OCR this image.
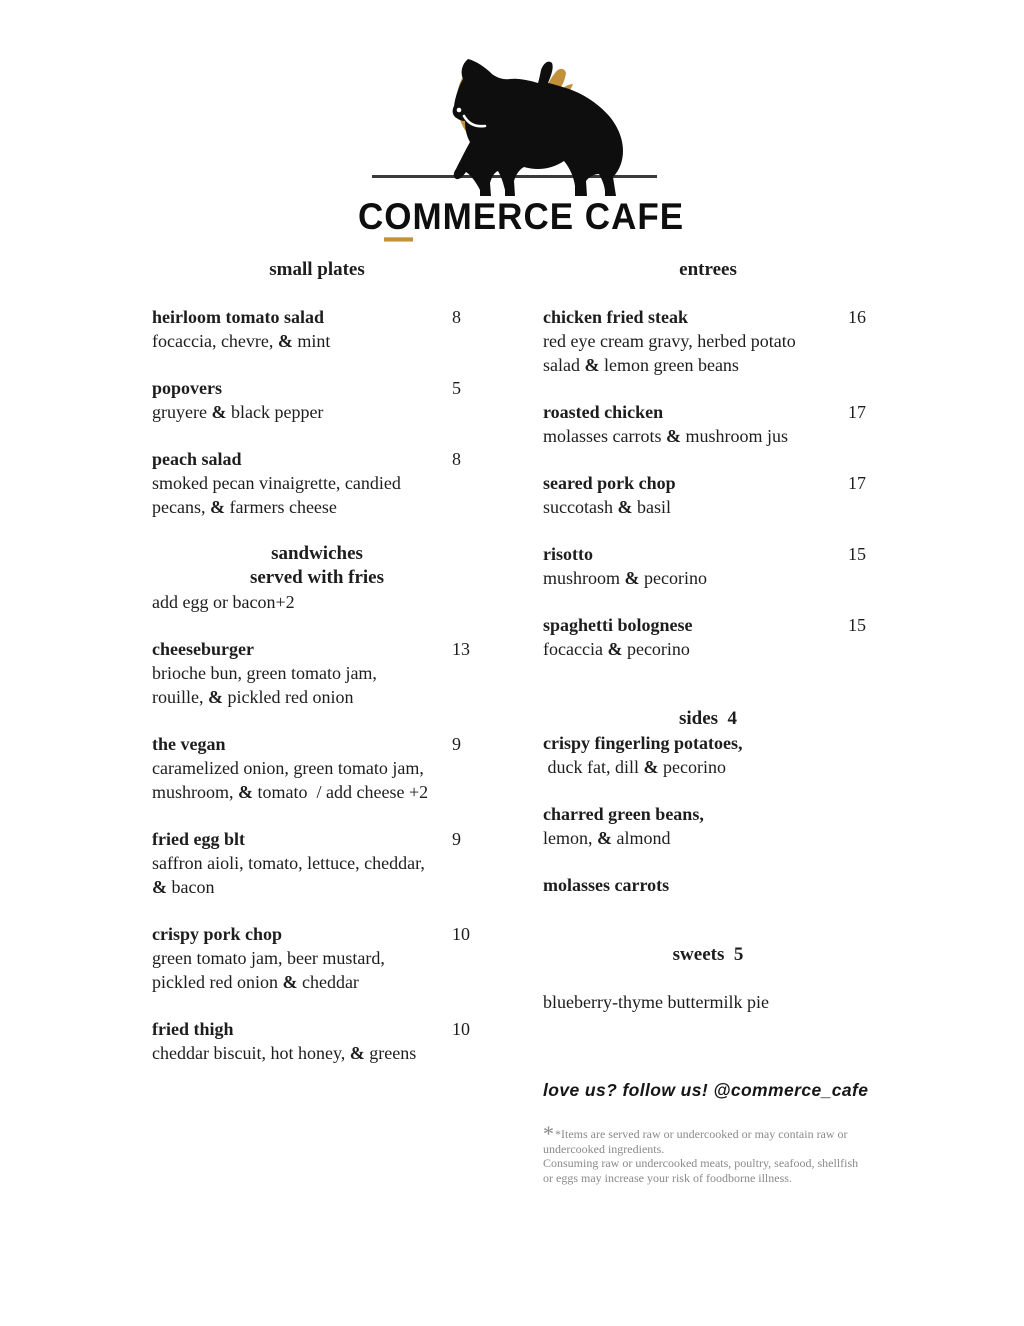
COMMERCE CAFE
small plates
heirloom tomato salad	8
focaccia, chevre, & mint
popovers	5
gruyere & black pepper
peach salad	8
smoked pecan vinaigrette, candied
pecans, & farmers cheese
sandwiches
served with fries
add egg or bacon+2
cheeseburger	13
brioche bun, green tomato jam,
rouille, & pickled red onion
the vegan	9
caramelized onion, green tomato jam,
mushroom, & tomato  / add cheese +2
fried egg blt	9
saffron aioli, tomato, lettuce, cheddar,
& bacon
crispy pork chop	10
green tomato jam, beer mustard,
pickled red onion & cheddar
fried thigh	10
cheddar biscuit, hot honey, & greens
entrees
chicken fried steak	16
red eye cream gravy, herbed potato
salad & lemon green beans
roasted chicken	17
molasses carrots & mushroom jus
seared pork chop	17
succotash & basil
risotto	15
mushroom & pecorino
spaghetti bolognese	15
focaccia & pecorino
sides  4
crispy fingerling potatoes,
duck fat, dill & pecorino
charred green beans,
lemon, & almond
molasses carrots
sweets  5
blueberry-thyme buttermilk pie
love us? follow us! @commerce_cafe
* *Items are served raw or undercooked or may contain raw or
undercooked ingredients.
Consuming raw or undercooked meats, poultry, seafood, shellfish
or eggs may increase your risk of foodborne illness.
